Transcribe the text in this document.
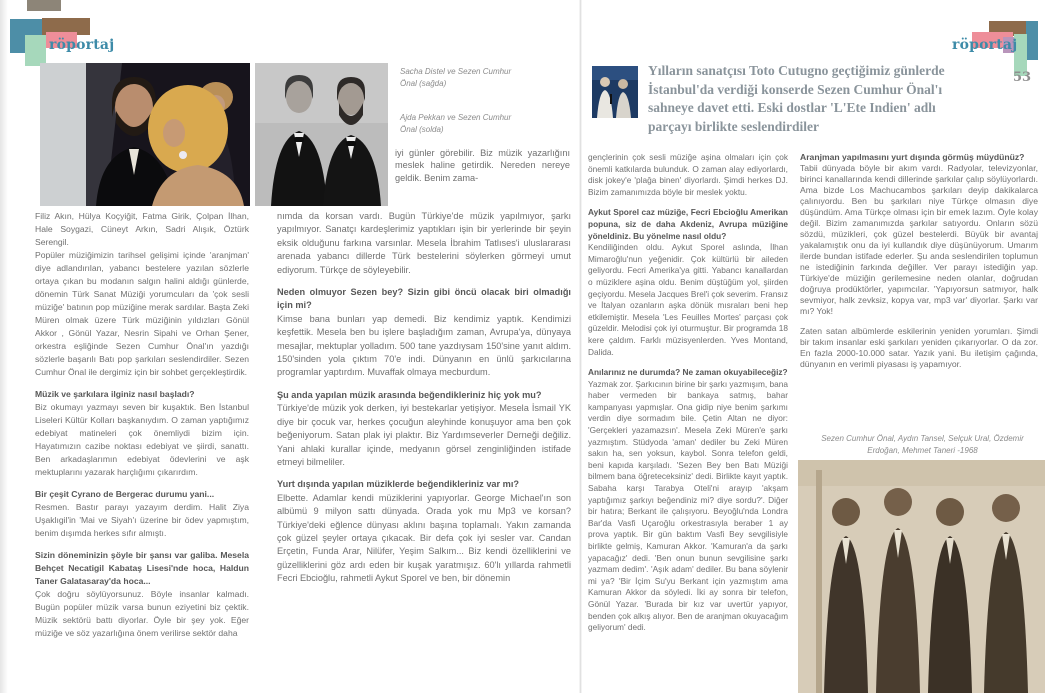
röportaj	röportaj
53
Sacha Distel ve Sezen Cumhur Önal (sağda)
Ajda Pekkan ve Sezen Cumhur Önal (solda)
iyi günler görebilir. Biz müzik yazarlığını meslek haline getirdik. Nereden nereye geldik. Benim zama-

Filiz Akın, Hülya Koçyiğit, Fatma Girik, Çolpan İlhan, Hale Soygazi, Cüneyt Arkın, Sadri Alışık, Öztürk Serengil.

Popüler müziğimizin tarihsel gelişimi içinde 'aranjman' diye adlandırılan, yabancı bestelere yazılan sözlerle ortaya çıkan bu modanın salgın halini aldığı günlerde, dönemin Türk Sanat Müziği yorumcuları da 'çok sesli müziğe' batının pop müziğine merak sardılar. Başta Zeki Müren olmak üzere Türk müziğinin yıldızları Gönül Akkor , Gönül Yazar, Nesrin Sipahi ve Orhan Şener, orkestra eşliğinde Sezen Cumhur Önal'ın yazdığı sözlerle başarılı Batı pop şarkıları seslendirdiler. Sezen Cumhur Önal ile dergimiz için bir sohbet gerçekleştirdik.

Müzik ve şarkılara ilginiz nasıl başladı?

Biz okumayı yazmayı seven bir kuşaktık. Ben İstanbul Liseleri Kültür Kolları başkanıydım. O zaman yaptığımız edebiyat matineleri çok önemliydi bizim için. Hayatımızın cazibe noktası edebiyat ve şiirdi, sanattı. Ben arkadaşlarımın edebiyat ödevlerini ve aşk mektuplarını yazarak harçlığımı çıkarırdım.

Bir çeşit Cyrano de Bergerac durumu yani...

Resmen. Bastır parayı yazayım derdim. Halit Ziya Uşaklıgil'in 'Mai ve Siyah'ı üzerine bir ödev yapmıştım, benim dışımda herkes sıfır almıştı.

Sizin döneminizin şöyle bir şansı var galiba. Mesela Behçet Necatigil Kabataş Lisesi'nde hoca, Haldun Taner Galatasaray'da hoca...

Çok doğru söylüyorsunuz. Böyle insanlar kalmadı. Bugün popüler müzik varsa bunun eziyetini biz çektik. Müzik sektörü battı diyorlar. Öyle bir şey yok. Eğer müziğe ve söz yazarlığına önem verilirse sektör daha

nımda da korsan vardı. Bugün Türkiye'de müzik yapılmıyor, şarkı yapılmıyor. Sanatçı kardeşlerimiz yaptıkları işin bir yerlerinde bir şeyin eksik olduğunu farkına varsınlar. Mesela İbrahim Tatlıses'i uluslararası arenada yabancı dillerde Türk bestelerini söylerken görmeyi umut ediyorum. Türkçe de söyleyebilir.

Neden olmuyor Sezen bey? Sizin gibi öncü olacak biri olmadığı için mi?

Kimse bana bunları yap demedi. Biz kendimiz yaptık. Kendimizi keşfettik. Mesela ben bu işlere başladığım zaman, Avrupa'ya, dünyaya mesajlar, mektuplar yolladım. 500 tane yazdıysam 150'sine yanıt aldım. 150'sinden yola çıktım 70'e indi. Dünyanın en ünlü şarkıcılarına programlar yaptırdım. Muvaffak olmaya mecburdum.

Şu anda yapılan müzik arasında beğendikleriniz hiç yok mu?

Türkiye'de müzik yok derken, iyi bestekarlar yetişiyor. Mesela İsmail YK diye bir çocuk var, herkes çocuğun aleyhinde konuşuyor ama ben çok beğeniyorum. Satan plak iyi plaktır. Biz Yardımseverler Derneği değiliz. Yani ahlaki kurallar içinde, medyanın görsel zenginliğinden istifade etmeyi bilmeliler.

Yurt dışında yapılan müziklerde beğendikleriniz var mı?

Elbette. Adamlar kendi müziklerini yapıyorlar. George Michael'ın son albümü 9 milyon sattı dünyada. Orada yok mu Mp3 ve korsan? Türkiye'deki eğlence dünyası aklını başına toplamalı. Yakın zamanda çok güzel şeyler ortaya çıkacak. Bir defa çok iyi sesler var. Candan Erçetin, Funda Arar, Nilüfer, Yeşim Salkım... Biz kendi özelliklerini ve güzelliklerini göz ardı eden bir kuşak yaratmışız. 60'lı yıllarda rahmetli Fecri Ebcioğlu, rahmetli Aykut Sporel ve ben, bir dönemin

Yılların sanatçısı Toto Cutugno geçtiğimiz günlerde İstanbul'da verdiği konserde Sezen Cumhur Önal'ı sahneye davet etti. Eski dostlar 'L'Ete Indien' adlı parçayı birlikte seslendirdiler

gençlerinin çok sesli müziğe aşina olmaları için çok önemli katkılarda bulunduk. O zaman alay ediyorlardı, disk jokey'e 'plağa binen' diyorlardı. Şimdi herkes DJ. Bizim zamanımızda böyle bir meslek yoktu.

Aykut Sporel caz müziğe, Fecri Ebcioğlu Amerikan popuna, siz de daha Akdeniz, Avrupa müziğine yöneldiniz. Bu yönelme nasıl oldu?

Kendiliğinden oldu. Aykut Sporel aslında, İlhan Mimaroğlu'nun yeğenidir. Çok kültürlü bir aileden geliyordu. Fecri Amerika'ya gitti. Yabancı kanallardan o müziklere aşina oldu. Benim düştüğüm yol, şiirden geçiyordu. Mesela Jacques Brel'i çok severim. Fransız ve İtalyan ozanların aşka dönük mısraları beni hep etkilemiştir. Mesela 'Les Feuilles Mortes' parçası çok güzeldir. Melodisi çok iyi oturmuştur. Bir programda 18 kere çaldım. Farklı müzisyenlerden. Yves Montand, Dalida.

Anılarınız ne durumda? Ne zaman okuyabileceğiz?

Yazmak zor. Şarkıcının birine bir şarkı yazmışım, bana haber vermeden bir bankaya satmış, bahar kampanyası yapmışlar. Ona gidip niye benim şarkımı verdin diye sormadım bile. Çetin Altan ne diyor: 'Gerçekleri yazamazsın'. Mesela Zeki Müren'e şarkı yazmıştım. Stüdyoda 'aman' dediler bu Zeki Müren sakın ha, sen yoksun, kaybol. Sonra telefon geldi, beni kapıda karşıladı. 'Sezen Bey ben Batı Müziği bilmem bana öğreteceksiniz' dedi. Birlikte kayıt yaptık. Sabaha karşı Tarabya Oteli'ni arayıp 'akşam yaptığımız şarkıyı beğendiniz mi? diye sordu?'. Diğer bir hatıra; Berkant ile çalışıyoru. Beyoğlu'nda Londra Bar'da Vasfi Uçaroğlu orkestrasıyla beraber 1 ay prova yaptık. Bir gün baktım Vasfi Bey sevgilisiyle birlikte gelmiş, Kamuran Akkor. 'Kamuran'a da şarkı yapacağız' dedi. 'Ben onun bunun sevgilisine şarkı yazmam dedim'. 'Aşık adam' dediler. Bu bana söylenir mi ya? 'Bir İçim Su'yu Berkant için yazmıştım ama Kamuran Akkor da söyledi. İki ay sonra bir telefon, Gönül Yazar. 'Burada bir kız var uvertür yapıyor, benden çok alkış alıyor. Ben de aranjman okuyacağım geliyorum' dedi.

Aranjman yapılmasını yurt dışında görmüş müydünüz?

Tabii dünyada böyle bir akım vardı. Radyolar, televizyonlar, birinci kanallarında kendi dillerinde şarkılar çalıp söylüyorlardı. Ama bizde Los Machucambos şarkıları deyip dakikalarca çalınıyordu. Ben bu şarkıları niye Türkçe olmasın diye düşündüm. Ama Türkçe olması için bir emek lazım. Öyle kolay değil. Bizim zamanımızda şarkılar satıyordu. Onların sözü sözdü, müzikleri, çok güzel bestelerdi. Büyük bir avantaj yakalamıştık onu da iyi kullandık diye düşünüyorum. Umarım ilerde bundan istifade ederler. Şu anda seslendirilen toplumun ne istediğinin farkında değiller. Ver parayı istediğin yap. Türkiye'de müziğin gerilemesine neden olanlar, doğrudan doğruya prodüktörler, yapımcılar. 'Yapıyorsun satmıyor, halk sevmiyor, halk zevksiz, kopya var, mp3 var' diyorlar. Şarkı var mı? Yok!

Zaten satan albümlerde eskilerinin yeniden yorumları. Şimdi bir takım insanlar eski şarkıları yeniden çıkarıyorlar. O da zor. En fazla 2000-10.000 satar. Yazık yani. Bu iletişim çağında, dünyanın en verimli piyasası iş yapamıyor.

Sezen Cumhur Önal, Aydın Tansel, Selçuk Ural, Özdemir Erdoğan, Mehmet Taneri -1968
